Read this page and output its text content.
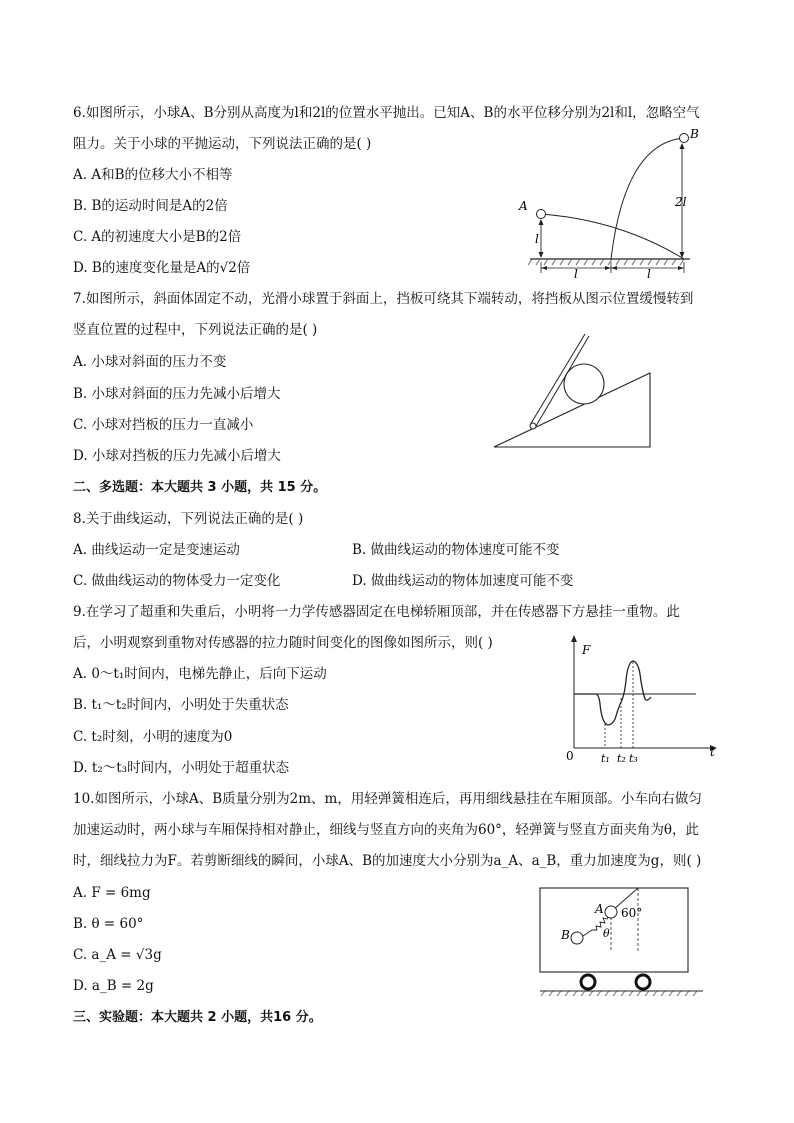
6.如图所示，小球A、B分别从高度为l和2l的位置水平抛出。已知A、B的水平位移分别为2l和l，忽略空气
阻力。关于小球的平抛运动，下列说法正确的是( )
A. A和B的位移大小不相等
B. B的运动时间是A的2倍
C. A的初速度大小是B的2倍
D. B的速度变化量是A的√2倍
A
B
l
2l
l	l
7.如图所示，斜面体固定不动，光滑小球置于斜面上，挡板可绕其下端转动，将挡板从图示位置缓慢转到
竖直位置的过程中，下列说法正确的是( )
A. 小球对斜面的压力不变
B. 小球对斜面的压力先减小后增大
C. 小球对挡板的压力一直减小
D. 小球对挡板的压力先减小后增大
二、多选题：本大题共 3 小题，共 15 分。
8.关于曲线运动，下列说法正确的是( )
A. 曲线运动一定是变速运动	B. 做曲线运动的物体速度可能不变
C. 做曲线运动的物体受力一定变化	D. 做曲线运动的物体加速度可能不变
9.在学习了超重和失重后，小明将一力学传感器固定在电梯轿厢顶部，并在传感器下方悬挂一重物。此
后，小明观察到重物对传感器的拉力随时间变化的图像如图所示，则( )
A. 0～t₁时间内，电梯先静止，后向下运动
B. t₁～t₂时间内，小明处于失重状态
C. t₂时刻，小明的速度为0
D. t₂～t₃时间内，小明处于超重状态
F
t
0 t₁ t₂ t₃
10.如图所示，小球A、B质量分别为2m、m，用轻弹簧相连后，再用细线悬挂在车厢顶部。小车向右做匀
加速运动时，两小球与车厢保持相对静止，细线与竖直方向的夹角为60°，轻弹簧与竖直方面夹角为θ，此
时，细线拉力为F。若剪断细线的瞬间，小球A、B的加速度大小分别为a_A、a_B，重力加速度为g，则( )
A. F = 6mg
B. θ = 60°
C. a_A = √3g
D. a_B = 2g
A
B
60°
θ
三、实验题：本大题共 2 小题，共16 分。
